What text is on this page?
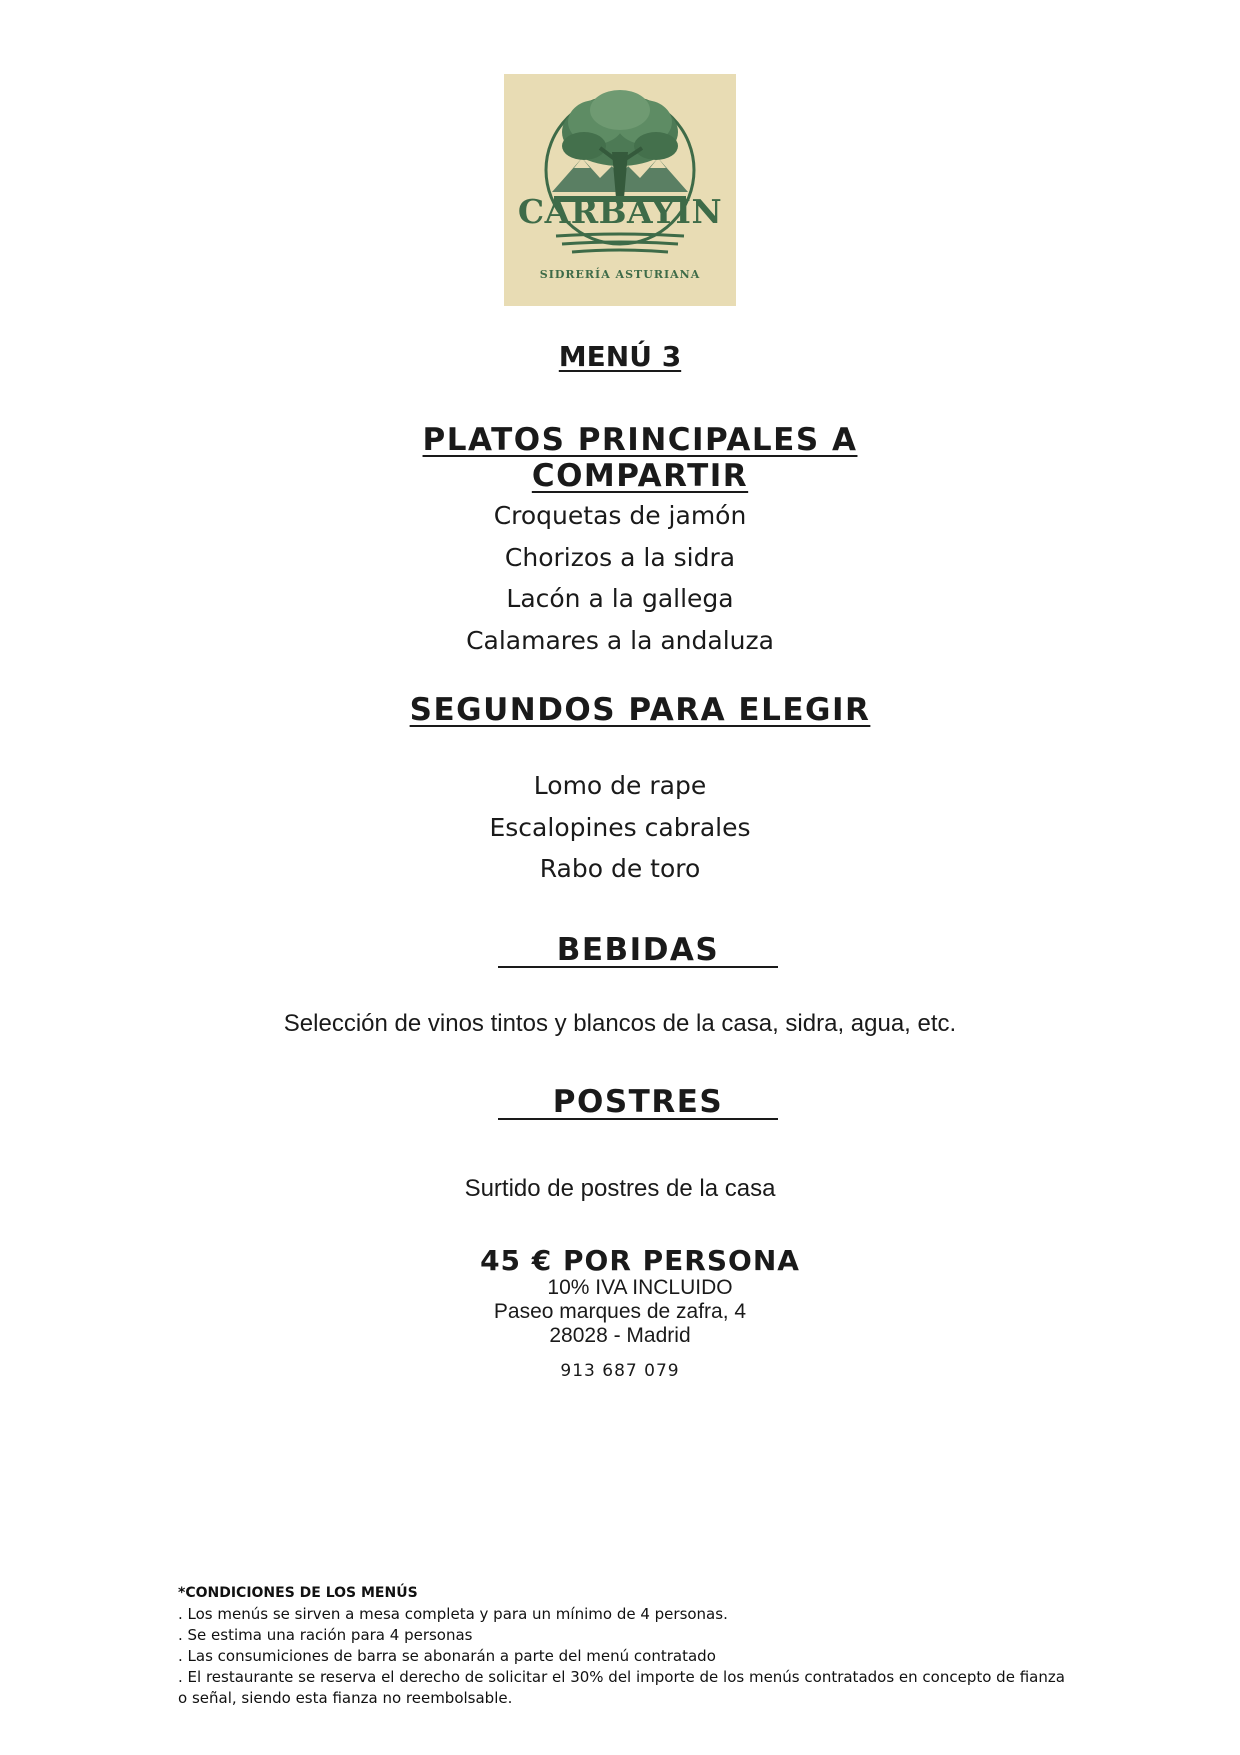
CARBAYIN
SIDRERÍA ASTURIANA
MENÚ 3
PLATOS PRINCIPALES A COMPARTIR
Croquetas de jamón
Chorizos a la sidra
Lacón a la gallega
Calamares a la andaluza
SEGUNDOS PARA ELEGIR
Lomo de rape
Escalopines cabrales
Rabo de toro
BEBIDAS
Selección de vinos tintos y blancos de la casa, sidra, agua, etc.
POSTRES
Surtido de postres de la casa
45 € POR PERSONA
10% IVA INCLUIDO
Paseo marques de zafra, 4
28028 - Madrid
913 687 079
*CONDICIONES DE LOS MENÚS
. Los menús se sirven a mesa completa y para un mínimo de 4 personas.
. Se estima una ración para 4 personas
. Las consumiciones de barra se abonarán a parte del menú contratado
. El restaurante se reserva el derecho de solicitar el 30% del importe de los menús contratados en concepto de fianza o señal, siendo esta fianza no reembolsable.
